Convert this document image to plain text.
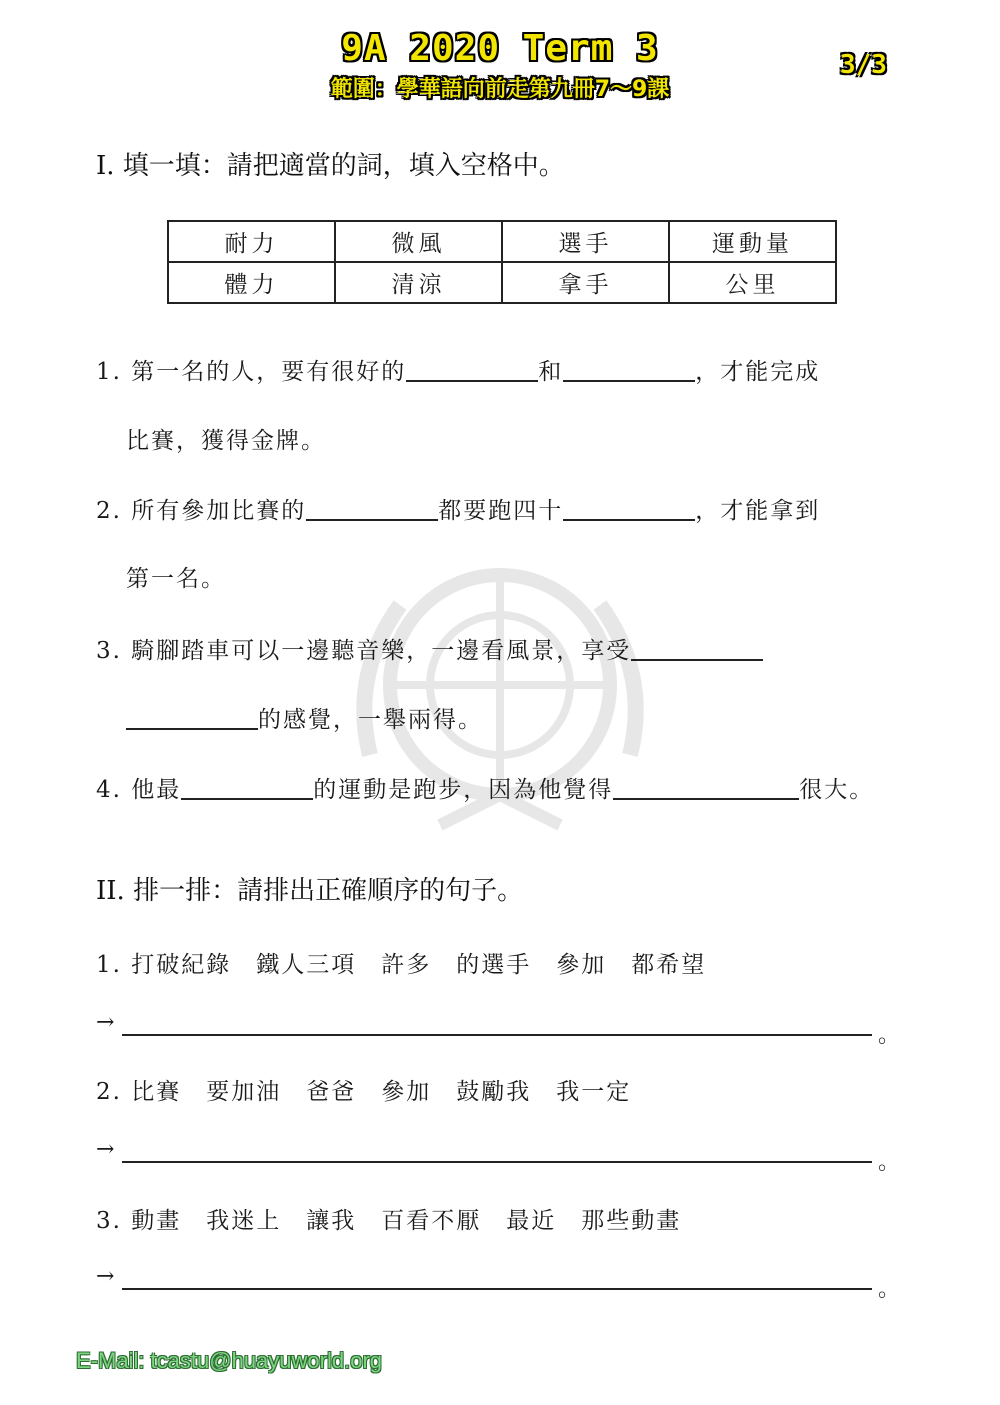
9A 2020 Term 3
範圍：學華語向前走第九冊7～9課
3/3
I. 填一填：請把適當的詞，填入空格中。
耐力	微風	選手	運動量
體力	清涼	拿手	公里
1. 第一名的人，要有很好的	和	，才能完成
比賽，獲得金牌。
2. 所有參加比賽的	都要跑四十	，才能拿到
第一名。
3. 騎腳踏車可以一邊聽音樂，一邊看風景，享受
的感覺，一舉兩得。
4. 他最	的運動是跑步，因為他覺得	很大。
II. 排一排：請排出正確順序的句子。
1. 打破紀錄　鐵人三項　許多　的選手　參加　都希望
→
。
2. 比賽　要加油　爸爸　參加　鼓勵我　我一定
→
。
3. 動畫　我迷上　讓我　百看不厭　最近　那些動畫
→
。
E-Mail: tcastu@huayuworld.org
